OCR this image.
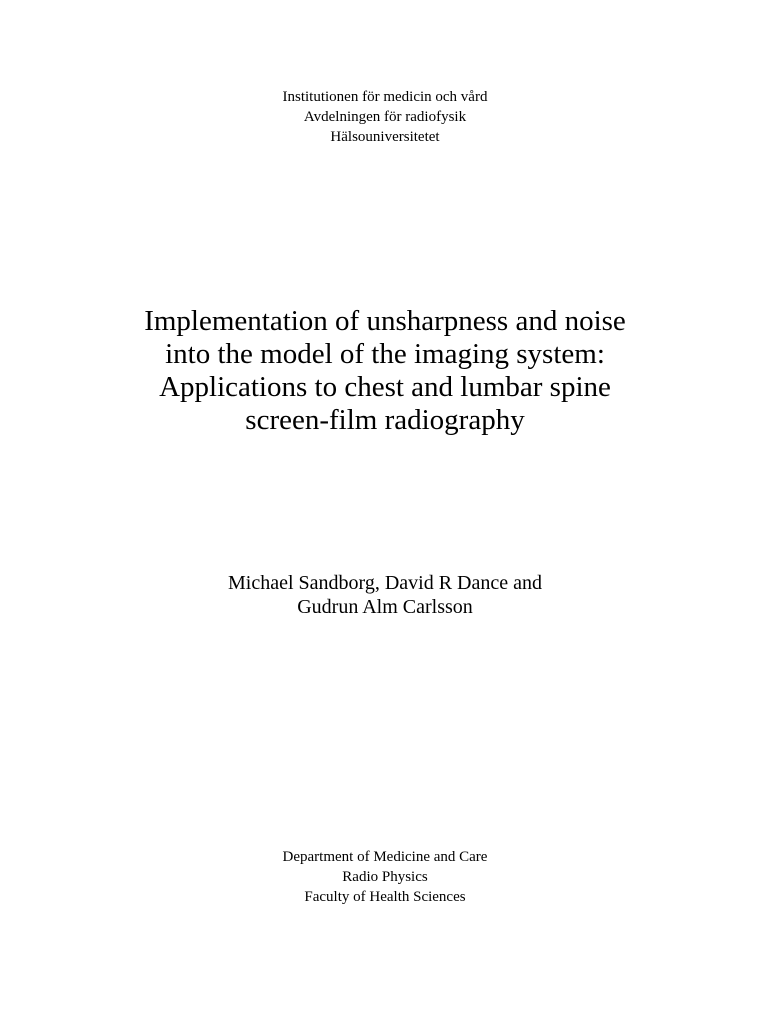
Institutionen för medicin och vård
Avdelningen för radiofysik
Hälsouniversitetet
Implementation of unsharpness and noise
into the model of the imaging system:
Applications to chest and lumbar spine
screen-film radiography
Michael Sandborg, David R Dance and
Gudrun Alm Carlsson
Department of Medicine and Care
Radio Physics
Faculty of Health Sciences
